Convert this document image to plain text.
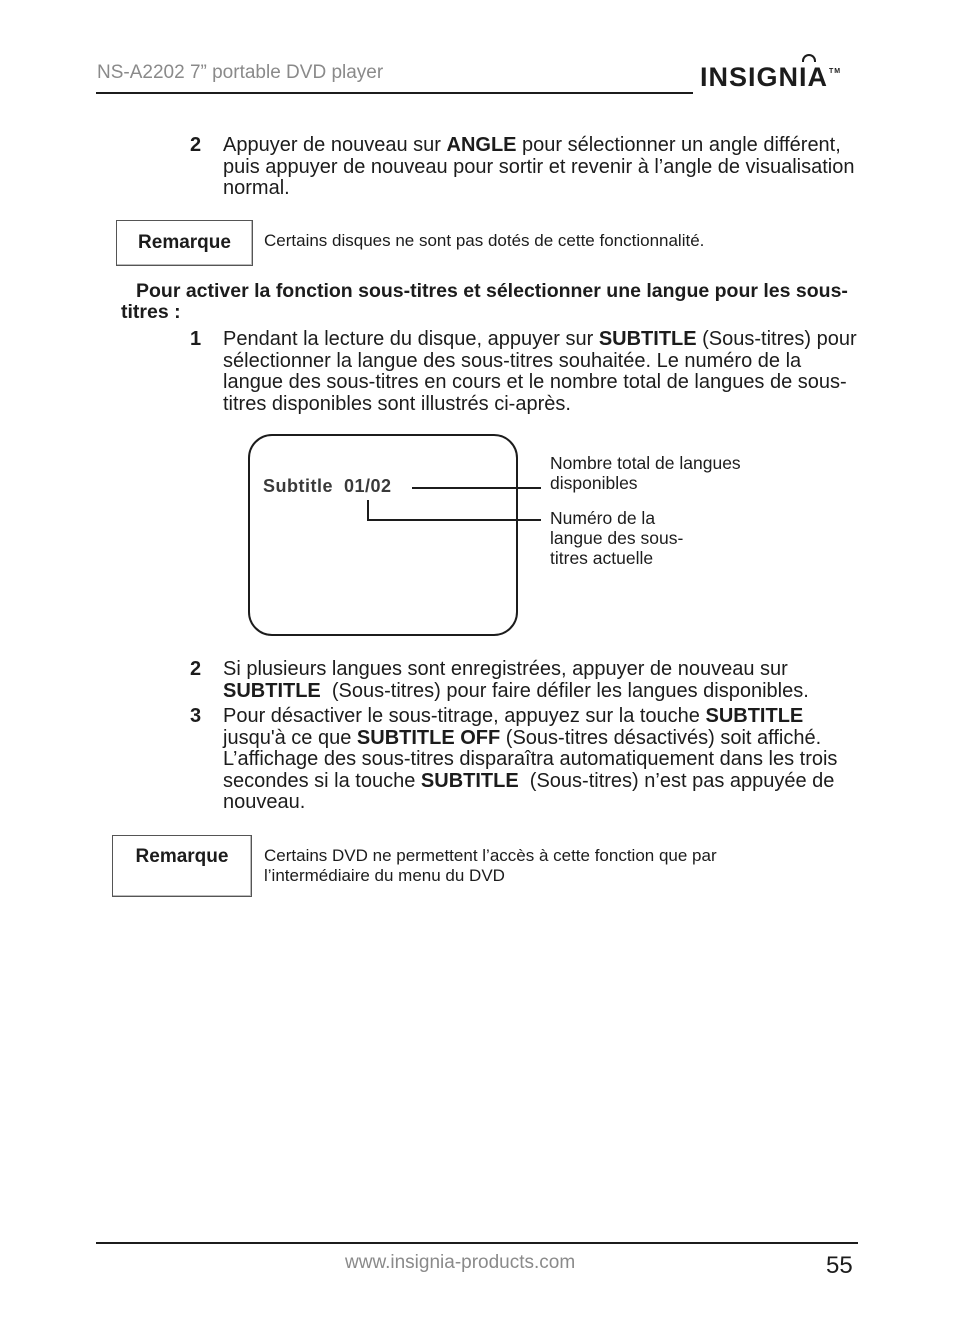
NS-A2202 7” portable DVD player	INSIGNIA™
2 Appuyer de nouveau sur ANGLE pour sélectionner un angle différent, puis appuyer de nouveau pour sortir et revenir à l’angle de visualisation normal.
Remarque	Certains disques ne sont pas dotés de cette fonctionnalité.
Pour activer la fonction sous-titres et sélectionner une langue pour les sous-titres :
1 Pendant la lecture du disque, appuyer sur SUBTITLE (Sous-titres) pour sélectionner la langue des sous-titres souhaitée. Le numéro de la langue des sous-titres en cours et le nombre total de langues de sous-titres disponibles sont illustrés ci-après.
Subtitle  01/02
Nombre total de langues disponibles
Numéro de la langue des sous-titres actuelle
2 Si plusieurs langues sont enregistrées, appuyer de nouveau sur SUBTITLE  (Sous-titres) pour faire défiler les langues disponibles.
3 Pour désactiver le sous-titrage, appuyez sur la touche SUBTITLE jusqu'à ce que SUBTITLE OFF (Sous-titres désactivés) soit affiché. L’affichage des sous-titres disparaîtra automatiquement dans les trois secondes si la touche SUBTITLE  (Sous-titres) n’est pas appuyée de nouveau.
Remarque	Certains DVD ne permettent l’accès à cette fonction que par l’intermédiaire du menu du DVD
www.insignia-products.com	55
